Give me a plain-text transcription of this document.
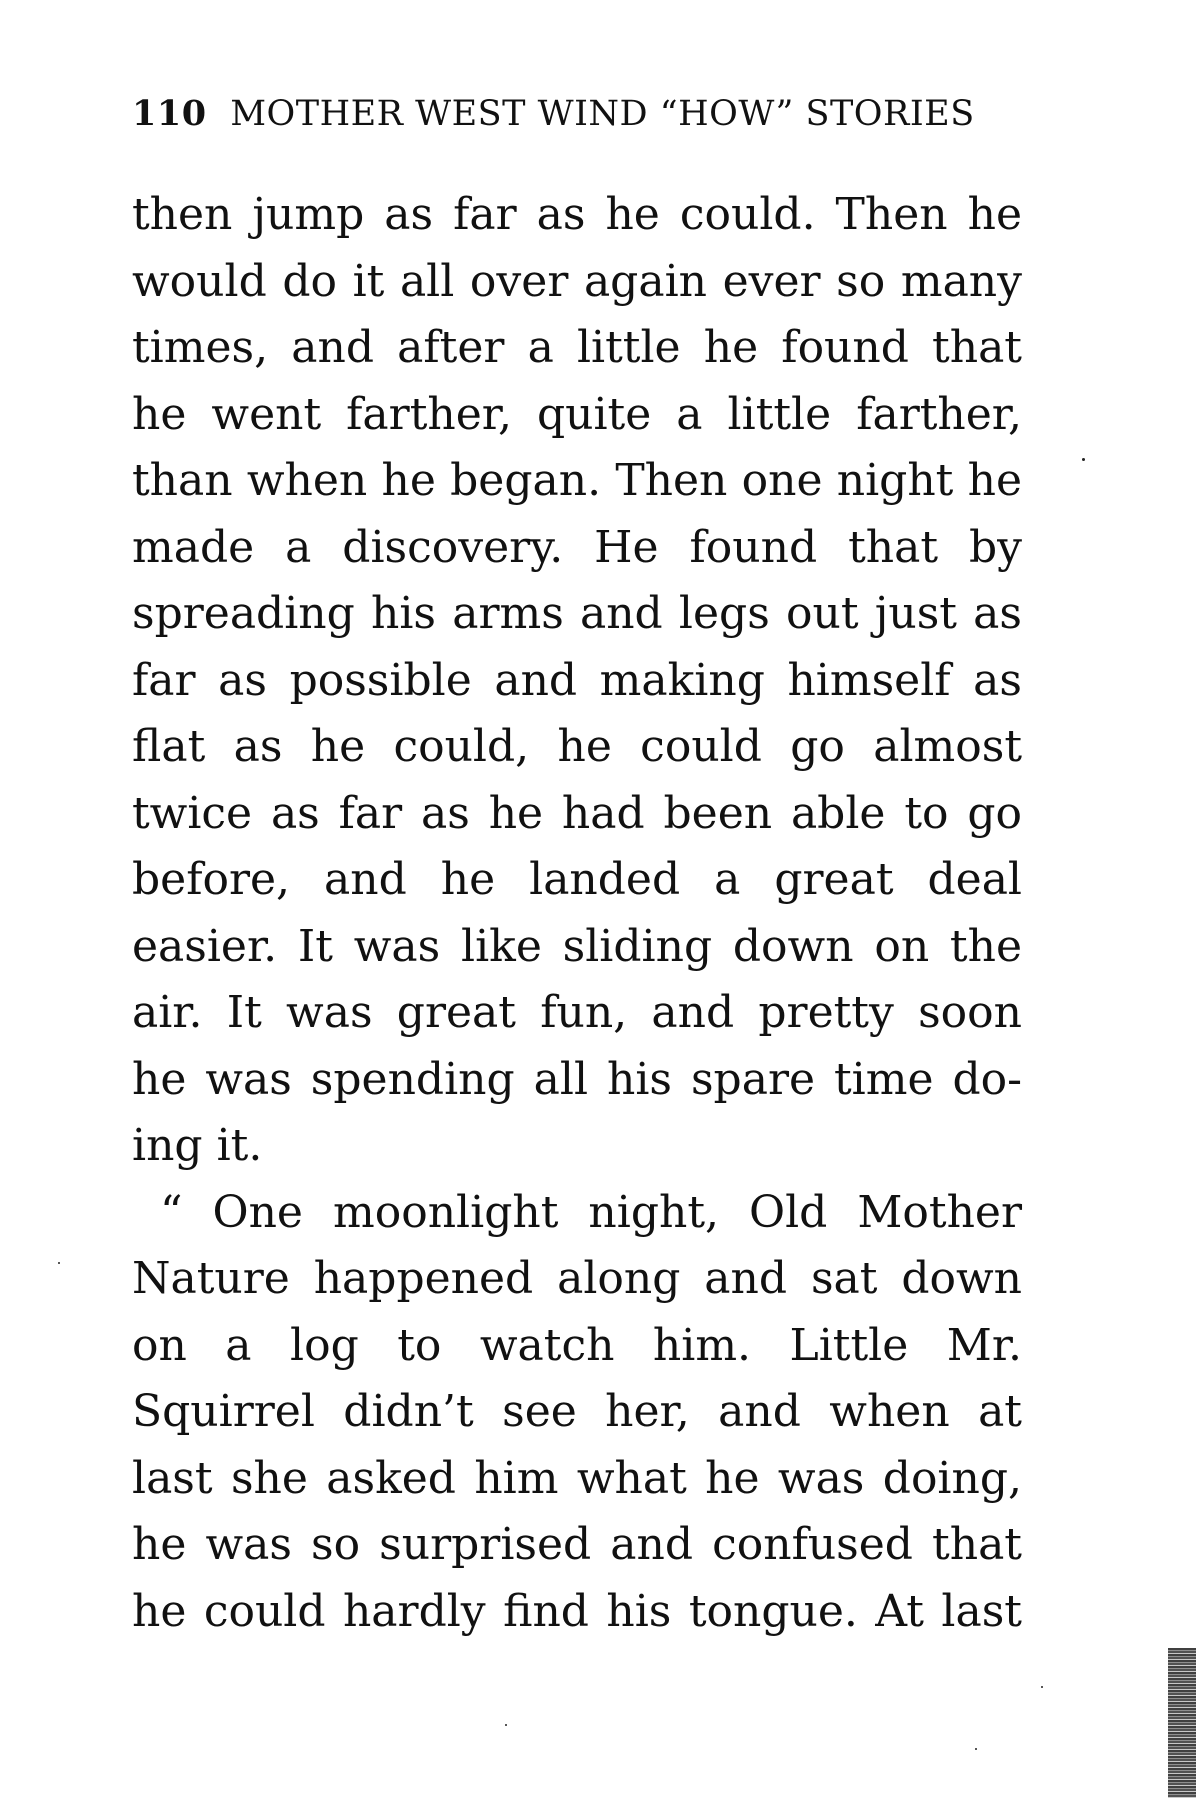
110 MOTHER WEST WIND “HOW” STORIES
then jump as far as he could. Then he
would do it all over again ever so many
times, and after a little he found that
he went farther, quite a little farther,
than when he began. Then one night he
made a discovery. He found that by
spreading his arms and legs out just as
far as possible and making himself as
flat as he could, he could go almost
twice as far as he had been able to go
before, and he landed a great deal
easier. It was like sliding down on the
air. It was great fun, and pretty soon
he was spending all his spare time do-
ing it.
“ One moonlight night, Old Mother
Nature happened along and sat down
on a log to watch him. Little Mr.
Squirrel didn’t see her, and when at
last she asked him what he was doing,
he was so surprised and confused that
he could hardly find his tongue. At last
